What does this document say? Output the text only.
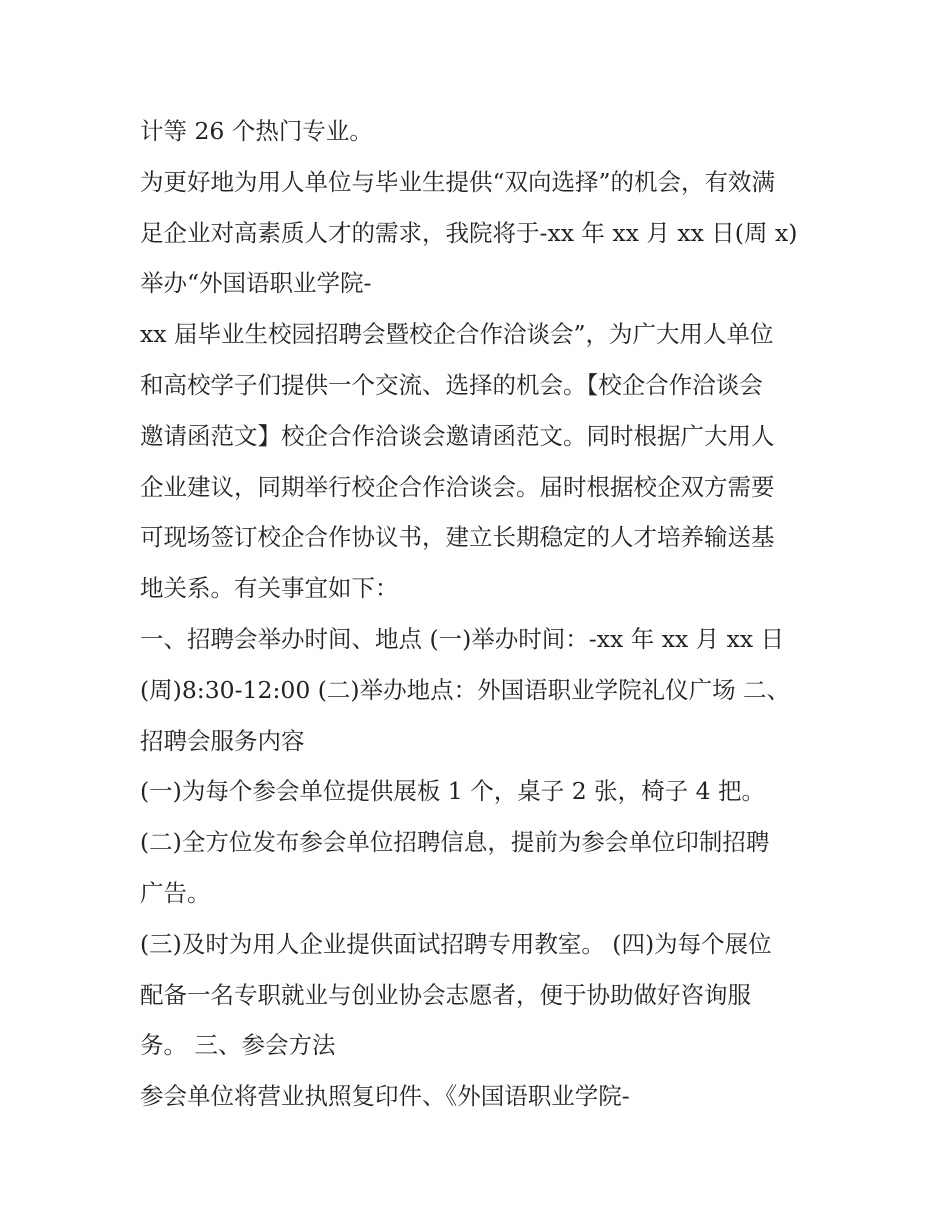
计等 26 个热门专业。
为更好地为用人单位与毕业生提供“双向选择”的机会，有效满
足企业对高素质人才的需求，我院将于-xx 年 xx 月 xx 日(周 x)
举办“外国语职业学院-
xx 届毕业生校园招聘会暨校企合作洽谈会”，为广大用人单位
和高校学子们提供一个交流、选择的机会。【校企合作洽谈会
邀请函范文】校企合作洽谈会邀请函范文。同时根据广大用人
企业建议，同期举行校企合作洽谈会。届时根据校企双方需要
可现场签订校企合作协议书，建立长期稳定的人才培养输送基
地关系。有关事宜如下：
一、招聘会举办时间、地点 (一)举办时间：-xx 年 xx 月 xx 日
(周)8:30-12:00 (二)举办地点：外国语职业学院礼仪广场 二、
招聘会服务内容
(一)为每个参会单位提供展板 1 个，桌子 2 张，椅子 4 把。
(二)全方位发布参会单位招聘信息，提前为参会单位印制招聘
广告。
(三)及时为用人企业提供面试招聘专用教室。 (四)为每个展位
配备一名专职就业与创业协会志愿者，便于协助做好咨询服
务。 三、参会方法
参会单位将营业执照复印件、《外国语职业学院-
